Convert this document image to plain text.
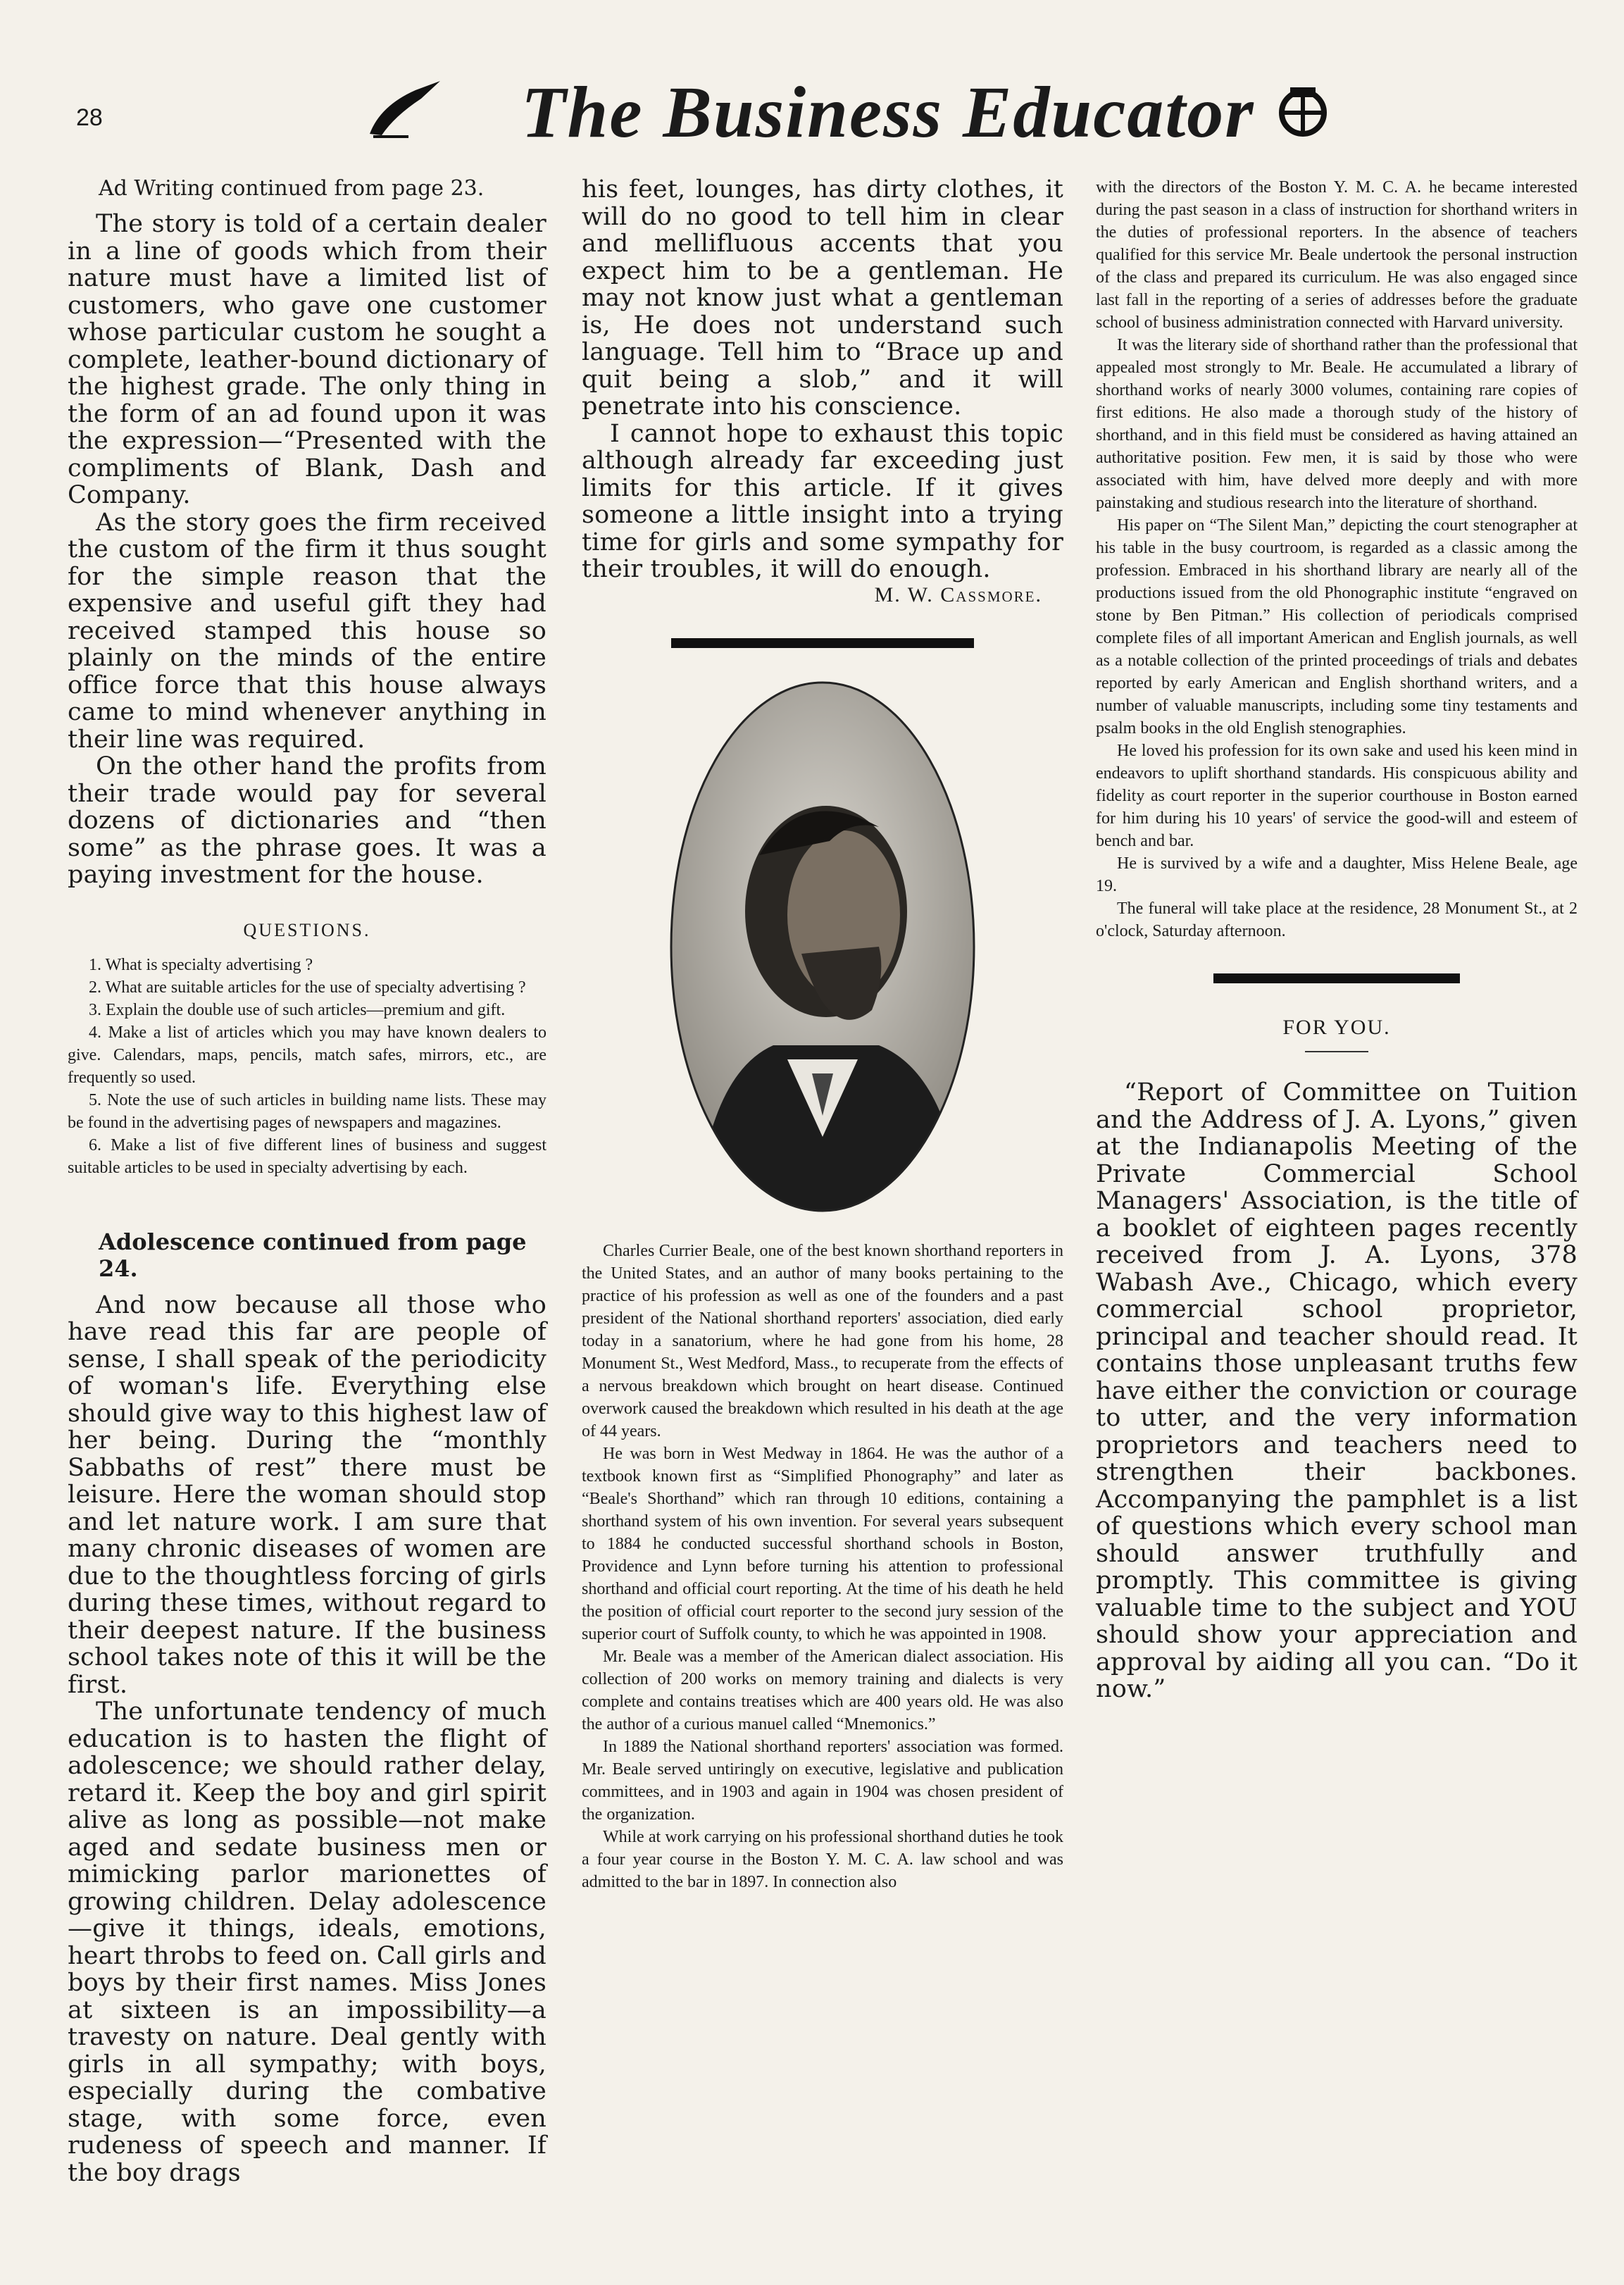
28	The Business Educator
Ad Writing continued from page 23.

The story is told of a certain dealer in a line of goods which from their nature must have a limited list of customers, who gave one customer whose particular custom he sought a complete, leather-bound dictionary of the highest grade. The only thing in the form of an ad found upon it was the expression—“Presented with the compliments of Blank, Dash and Company.

As the story goes the firm received the custom of the firm it thus sought for the simple reason that the expensive and useful gift they had received stamped this house so plainly on the minds of the entire office force that this house always came to mind whenever anything in their line was required.

On the other hand the profits from their trade would pay for several dozens of dictionaries and “then some” as the phrase goes. It was a paying investment for the house.

QUESTIONS.

1. What is specialty advertising ?

2. What are suitable articles for the use of specialty advertising ?

3. Explain the double use of such articles—premium and gift.

4. Make a list of articles which you may have known dealers to give. Calendars, maps, pencils, match safes, mirrors, etc., are frequently so used.

5. Note the use of such articles in building name lists. These may be found in the advertising pages of newspapers and magazines.

6. Make a list of five different lines of business and suggest suitable articles to be used in specialty advertising by each.

Adolescence continued from page 24.

And now because all those who have read this far are people of sense, I shall speak of the periodicity of woman's life. Everything else should give way to this highest law of her being. During the “monthly Sabbaths of rest” there must be leisure. Here the woman should stop and let nature work. I am sure that many chronic diseases of women are due to the thoughtless forcing of girls during these times, without regard to their deepest nature. If the business school takes note of this it will be the first.

The unfortunate tendency of much education is to hasten the flight of adolescence; we should rather delay, retard it. Keep the boy and girl spirit alive as long as possible—not make aged and sedate business men or mimicking parlor marionettes of growing children. Delay adolescence —give it things, ideals, emotions, heart throbs to feed on. Call girls and boys by their first names. Miss Jones at sixteen is an impossibility—a travesty on nature. Deal gently with girls in all sympathy; with boys, especially during the combative stage, with some force, even rudeness of speech and manner. If the boy drags

his feet, lounges, has dirty clothes, it will do no good to tell him in clear and mellifluous accents that you expect him to be a gentleman. He may not know just what a gentleman is, He does not understand such language. Tell him to “Brace up and quit being a slob,” and it will penetrate into his conscience.

I cannot hope to exhaust this topic although already far exceeding just limits for this article. If it gives someone a little insight into a trying time for girls and some sympathy for their troubles, it will do enough.

M. W. Cassmore.

Charles Currier Beale, one of the best known shorthand reporters in the United States, and an author of many books pertaining to the practice of his profession as well as one of the founders and a past president of the National shorthand reporters' association, died early today in a sanatorium, where he had gone from his home, 28 Monument St., West Medford, Mass., to recuperate from the effects of a nervous breakdown which brought on heart disease. Continued overwork caused the breakdown which resulted in his death at the age of 44 years.

He was born in West Medway in 1864. He was the author of a textbook known first as “Simplified Phonography” and later as “Beale's Shorthand” which ran through 10 editions, containing a shorthand system of his own invention. For several years subsequent to 1884 he conducted successful shorthand schools in Boston, Providence and Lynn before turning his attention to professional shorthand and official court reporting. At the time of his death he held the position of official court reporter to the second jury session of the superior court of Suffolk county, to which he was appointed in 1908.

Mr. Beale was a member of the American dialect association. His collection of 200 works on memory training and dialects is very complete and contains treatises which are 400 years old. He was also the author of a curious manuel called “Mnemonics.”

In 1889 the National shorthand reporters' association was formed. Mr. Beale served untiringly on executive, legislative and publication committees, and in 1903 and again in 1904 was chosen president of the organization.

While at work carrying on his professional shorthand duties he took a four year course in the Boston Y. M. C. A. law school and was admitted to the bar in 1897. In connection also

with the directors of the Boston Y. M. C. A. he became interested during the past season in a class of instruction for shorthand writers in the duties of professional reporters. In the absence of teachers qualified for this service Mr. Beale undertook the personal instruction of the class and prepared its curriculum. He was also engaged since last fall in the reporting of a series of addresses before the graduate school of business administration connected with Harvard university.

It was the literary side of shorthand rather than the professional that appealed most strongly to Mr. Beale. He accumulated a library of shorthand works of nearly 3000 volumes, containing rare copies of first editions. He also made a thorough study of the history of shorthand, and in this field must be considered as having attained an authoritative position. Few men, it is said by those who were associated with him, have delved more deeply and with more painstaking and studious research into the literature of shorthand.

His paper on “The Silent Man,” depicting the court stenographer at his table in the busy courtroom, is regarded as a classic among the profession. Embraced in his shorthand library are nearly all of the productions issued from the old Phonographic institute “engraved on stone by Ben Pitman.” His collection of periodicals comprised complete files of all important American and English journals, as well as a notable collection of the printed proceedings of trials and debates reported by early American and English shorthand writers, and a number of valuable manuscripts, including some tiny testaments and psalm books in the old English stenographies.

He loved his profession for its own sake and used his keen mind in endeavors to uplift shorthand standards. His conspicuous ability and fidelity as court reporter in the superior courthouse in Boston earned for him during his 10 years' of service the good-will and esteem of bench and bar.

He is survived by a wife and a daughter, Miss Helene Beale, age 19.

The funeral will take place at the residence, 28 Monument St., at 2 o'clock, Saturday afternoon.

FOR YOU.

“Report of Committee on Tuition and the Address of J. A. Lyons,” given at the Indianapolis Meeting of the Private Commercial School Managers' Association, is the title of a booklet of eighteen pages recently received from J. A. Lyons, 378 Wabash Ave., Chicago, which every commercial school proprietor, principal and teacher should read. It contains those unpleasant truths few have either the conviction or courage to utter, and the very information proprietors and teachers need to strengthen their backbones. Accompanying the pamphlet is a list of questions which every school man should answer truthfully and promptly. This committee is giving valuable time to the subject and YOU should show your appreciation and approval by aiding all you can. “Do it now.”
